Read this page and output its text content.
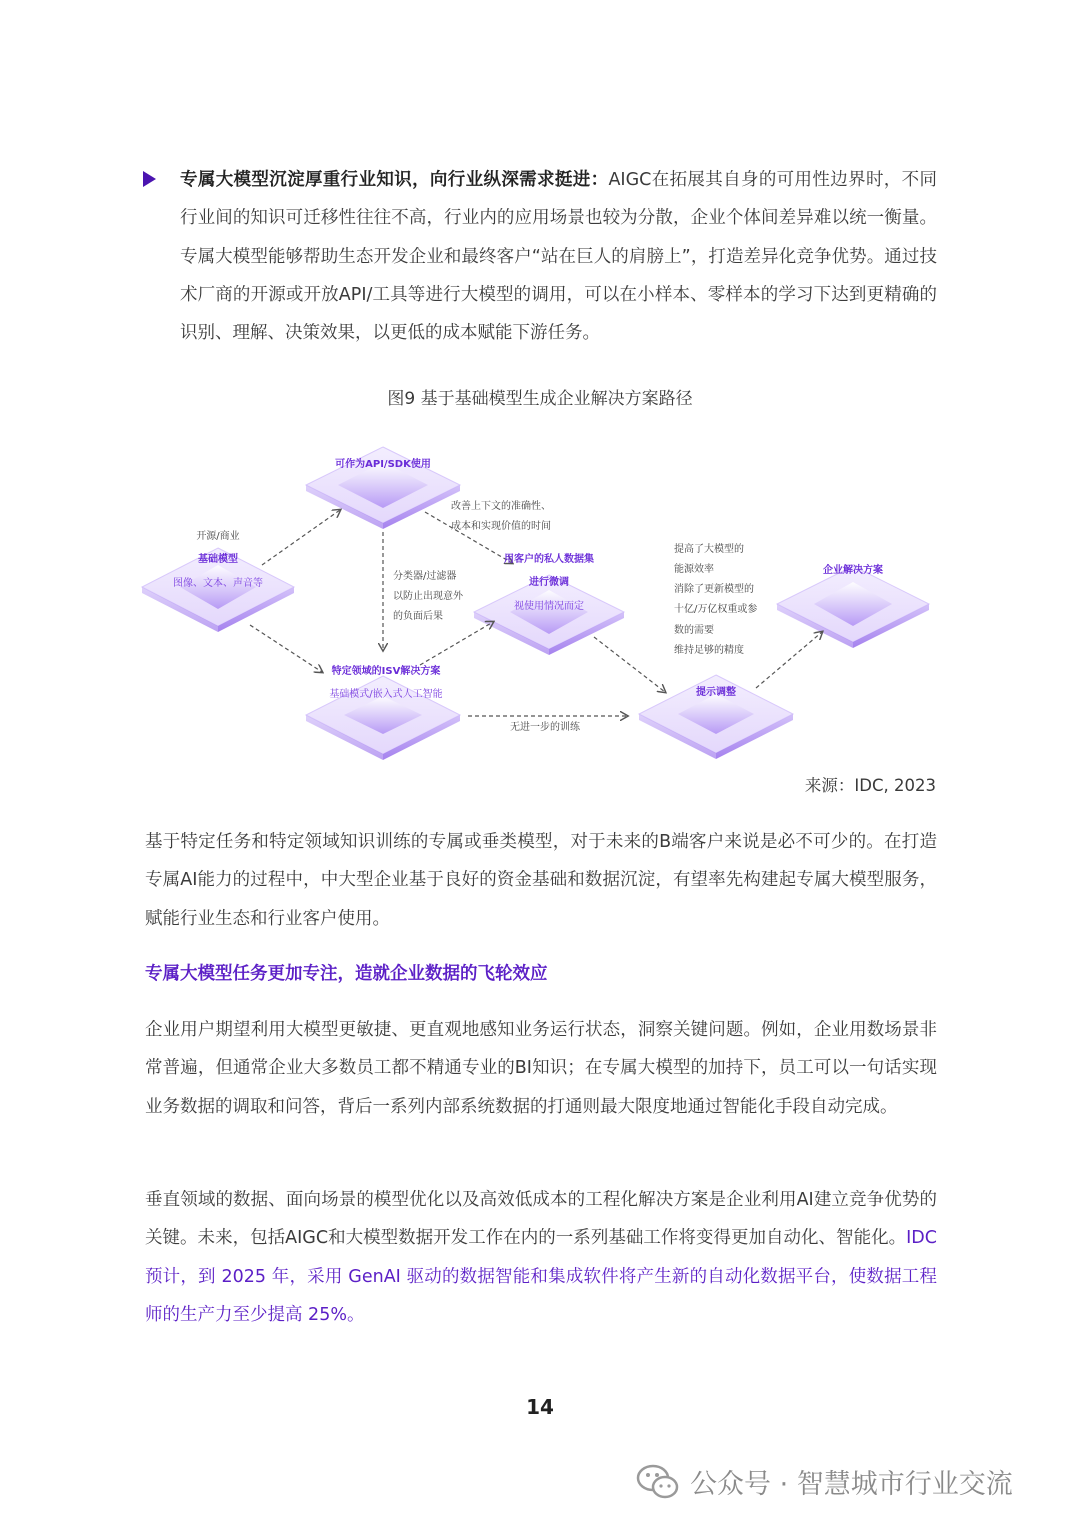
专属大模型沉淀厚重行业知识，向行业纵深需求挺进：AIGC在拓展其自身的可用性边界时，不同行业间的知识可迁移性往往不高，行业内的应用场景也较为分散，企业个体间差异难以统一衡量。专属大模型能够帮助生态开发企业和最终客户“站在巨人的肩膀上”，打造差异化竞争优势。通过技术厂商的开源或开放API/工具等进行大模型的调用，可以在小样本、零样本的学习下达到更精确的识别、理解、决策效果，以更低的成本赋能下游任务。
图9 基于基础模型生成企业解决方案路径
可作为API/SDK使用
开源/商业
基础模型
图像、文本、声音等
特定领域的ISV解决方案
基础模式/嵌入式人工智能
用客户的私人数据集
进行微调
视使用情况而定
提示调整
企业解决方案
改善上下文的准确性、
成本和实现价值的时间
分类器/过滤器
以防止出现意外
的负面后果
提高了大模型的
能源效率
消除了更新模型的
十亿/万亿权重或参
数的需要
维持足够的精度
无进一步的训练
来源：IDC, 2023
基于特定任务和特定领域知识训练的专属或垂类模型，对于未来的B端客户来说是必不可少的。在打造专属AI能力的过程中，中大型企业基于良好的资金基础和数据沉淀，有望率先构建起专属大模型服务，赋能行业生态和行业客户使用。
专属大模型任务更加专注，造就企业数据的飞轮效应
企业用户期望利用大模型更敏捷、更直观地感知业务运行状态，洞察关键问题。例如，企业用数场景非常普遍，但通常企业大多数员工都不精通专业的BI知识；在专属大模型的加持下，员工可以一句话实现业务数据的调取和问答，背后一系列内部系统数据的打通则最大限度地通过智能化手段自动完成。
垂直领域的数据、面向场景的模型优化以及高效低成本的工程化解决方案是企业利用AI建立竞争优势的关键。未来，包括AIGC和大模型数据开发工作在内的一系列基础工作将变得更加自动化、智能化。IDC预计，到 2025 年，采用 GenAI 驱动的数据智能和集成软件将产生新的自动化数据平台，使数据工程师的生产力至少提高 25%。
14
公众号 · 智慧城市行业交流
